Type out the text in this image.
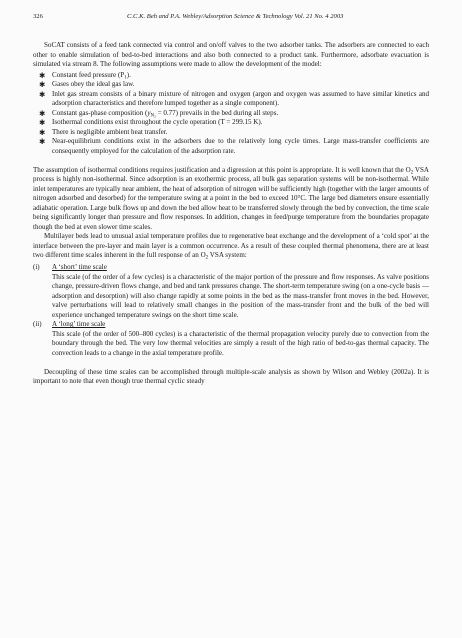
326	C.C.K. Beh and P.A. Webley/Adsorption Science & Technology Vol. 21 No. 4 2003

SoCAT consists of a feed tank connected via control and on/off valves to the two adsorber tanks. The adsorbers are connected to each other to enable simulation of bed-to-bed interactions and also both connected to a product tank. Furthermore, adsorbate evacuation is simulated via stream 8. The following assumptions were made to allow the development of the model:

✱ Constant feed pressure $(P_1)$.
✱ Gases obey the ideal gas law.
✱ Inlet gas stream consists of a binary mixture of nitrogen and oxygen (argon and oxygen was assumed to have similar kinetics and adsorption characteristics and therefore lumped together as a single component).
✱ Constant gas-phase composition $(y_{N_2} = 0.77)$ prevails in the bed during all steps.
✱ Isothermal conditions exist throughout the cycle operation (T = 299.15 K).
✱ There is negligible ambient heat transfer.
✱ Near-equilibrium conditions exist in the adsorbers due to the relatively long cycle times. Large mass-transfer coefficients are consequently employed for the calculation of the adsorption rate.

The assumption of isothermal conditions requires justification and a digression at this point is appropriate. It is well known that the $O_2$ VSA process is highly non-isothermal. Since adsorption is an exothermic process, all bulk gas separation systems will be non-isothermal. While inlet temperatures are typically near ambient, the heat of adsorption of nitrogen will be sufficiently high (together with the larger amounts of nitrogen adsorbed and desorbed) for the temperature swing at a point in the bed to exceed 10°C. The large bed diameters ensure essentially adiabatic operation. Large bulk flows up and down the bed allow heat to be transferred slowly through the bed by convection, the time scale being significantly longer than pressure and flow responses. In addition, changes in feed/purge temperature from the boundaries propagate though the bed at even slower time scales.

Multilayer beds lead to unusual axial temperature profiles due to regenerative heat exchange and the development of a ‘cold spot’ at the interface between the pre-layer and main layer is a common occurrence. As a result of these coupled thermal phenomena, there are at least two different time scales inherent in the full response of an $O_2$ VSA system:

(i) A ‘short’ time scale
This scale (of the order of a few cycles) is a characteristic of the major portion of the pressure and flow responses. As valve positions change, pressure-driven flows change, and bed and tank pressures change. The short-term temperature swing (on a one-cycle basis — adsorption and desorption) will also change rapidly at some points in the bed as the mass-transfer front moves in the bed. However, valve perturbations will lead to relatively small changes in the position of the mass-transfer front and the bulk of the bed will experience unchanged temperature swings on the short time scale.
(ii) A ‘long’ time scale
This scale (of the order of 500–800 cycles) is a characteristic of the thermal propagation velocity purely due to convection from the boundary through the bed. The very low thermal velocities are simply a result of the high ratio of bed-to-gas thermal capacity. The convection leads to a change in the axial temperature profile.

Decoupling of these time scales can be accomplished through multiple-scale analysis as shown by Wilson and Webley (2002a). It is important to note that even though true thermal cyclic steady
